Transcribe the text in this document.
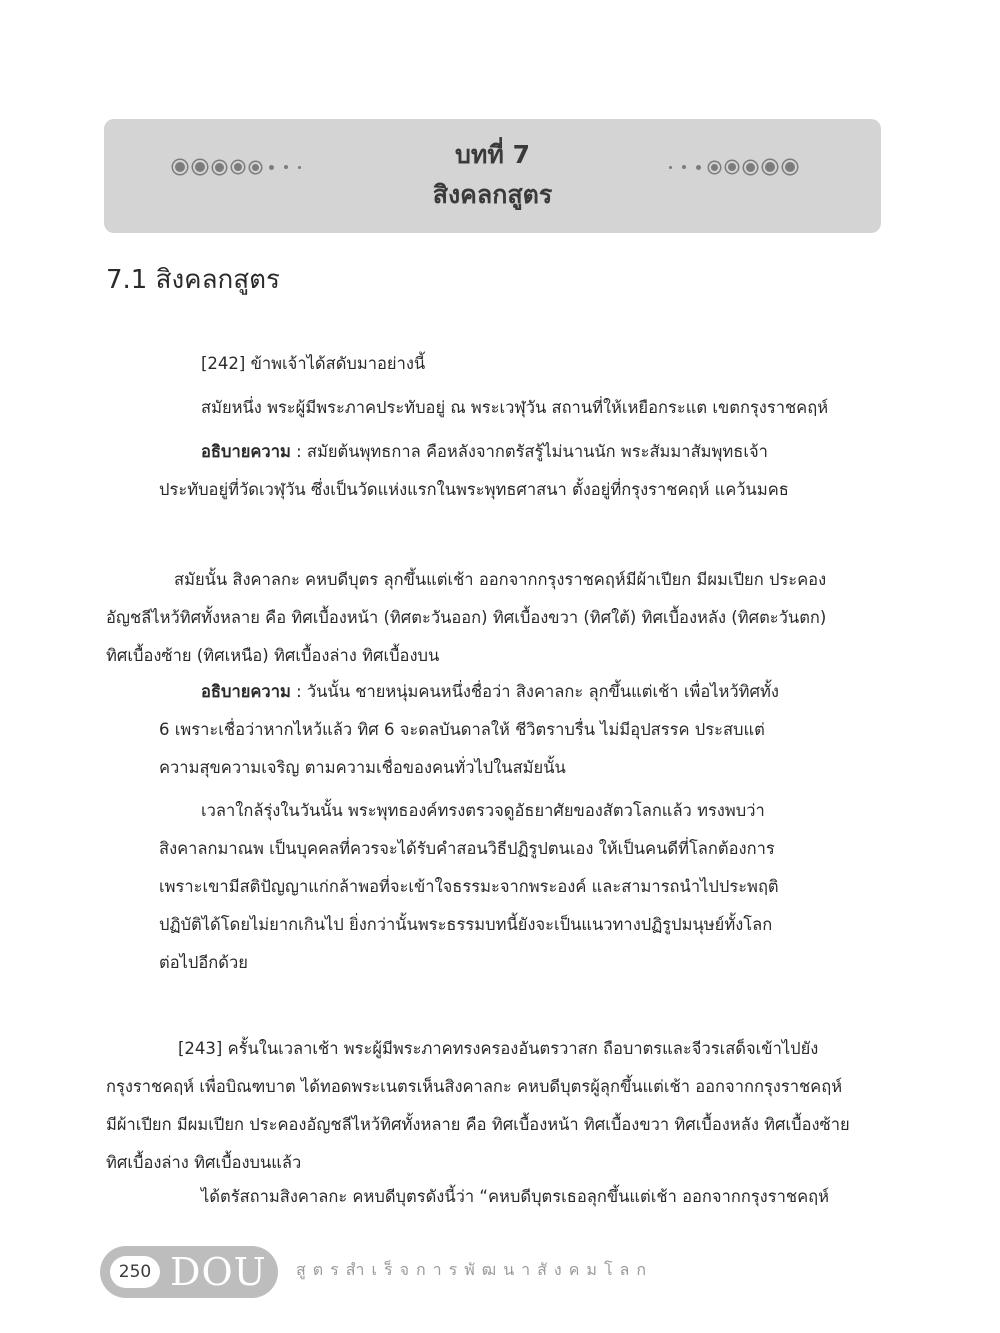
บทที่ 7
สิงคลกสูตร
7.1 สิงคลกสูตร

[242] ข้าพเจ้าได้สดับมาอย่างนี้

สมัยหนึ่ง พระผู้มีพระภาคประทับอยู่ ณ พระเวฬุวัน สถานที่ให้เหยือกระแต เขตกรุงราชคฤห์

อธิบายความ : สมัยต้นพุทธกาล คือหลังจากตรัสรู้ไม่นานนัก พระสัมมาสัมพุทธเจ้า
ประทับอยู่ที่วัดเวฬุวัน ซึ่งเป็นวัดแห่งแรกในพระพุทธศาสนา ตั้งอยู่ที่กรุงราชคฤห์ แคว้นมคธ

สมัยนั้น สิงคาลกะ คหบดีบุตร ลุกขึ้นแต่เช้า ออกจากกรุงราชคฤห์มีผ้าเปียก มีผมเปียก ประคอง
อัญชลีไหว้ทิศทั้งหลาย คือ ทิศเบื้องหน้า (ทิศตะวันออก) ทิศเบื้องขวา (ทิศใต้) ทิศเบื้องหลัง (ทิศตะวันตก)
ทิศเบื้องซ้าย (ทิศเหนือ) ทิศเบื้องล่าง ทิศเบื้องบน

อธิบายความ : วันนั้น ชายหนุ่มคนหนึ่งชื่อว่า สิงคาลกะ ลุกขึ้นแต่เช้า เพื่อไหว้ทิศทั้ง
6 เพราะเชื่อว่าหากไหว้แล้ว ทิศ 6 จะดลบันดาลให้ ชีวิตราบรื่น ไม่มีอุปสรรค ประสบแต่
ความสุขความเจริญ ตามความเชื่อของคนทั่วไปในสมัยนั้น

เวลาใกล้รุ่งในวันนั้น พระพุทธองค์ทรงตรวจดูอัธยาศัยของสัตวโลกแล้ว ทรงพบว่า
สิงคาลกมาณพ เป็นบุคคลที่ควรจะได้รับคำสอนวิธีปฏิรูปตนเอง ให้เป็นคนดีที่โลกต้องการ
เพราะเขามีสติปัญญาแก่กล้าพอที่จะเข้าใจธรรมะจากพระองค์ และสามารถนำไปประพฤติ
ปฏิบัติได้โดยไม่ยากเกินไป ยิ่งกว่านั้นพระธรรมบทนี้ยังจะเป็นแนวทางปฏิรูปมนุษย์ทั้งโลก
ต่อไปอีกด้วย

[243] ครั้นในเวลาเช้า พระผู้มีพระภาคทรงครองอันตรวาสก ถือบาตรและจีวรเสด็จเข้าไปยัง
กรุงราชคฤห์ เพื่อบิณฑบาต ได้ทอดพระเนตรเห็นสิงคาลกะ คหบดีบุตรผู้ลุกขึ้นแต่เช้า ออกจากกรุงราชคฤห์
มีผ้าเปียก มีผมเปียก ประคองอัญชลีไหว้ทิศทั้งหลาย คือ ทิศเบื้องหน้า ทิศเบื้องขวา ทิศเบื้องหลัง ทิศเบื้องซ้าย
ทิศเบื้องล่าง ทิศเบื้องบนแล้ว

ได้ตรัสถามสิงคาลกะ คหบดีบุตรดังนี้ว่า “คหบดีบุตรเธอลุกขึ้นแต่เช้า ออกจากกรุงราชคฤห์

250 DOU สูตรสำเร็จการพัฒนาสังคมโลก
